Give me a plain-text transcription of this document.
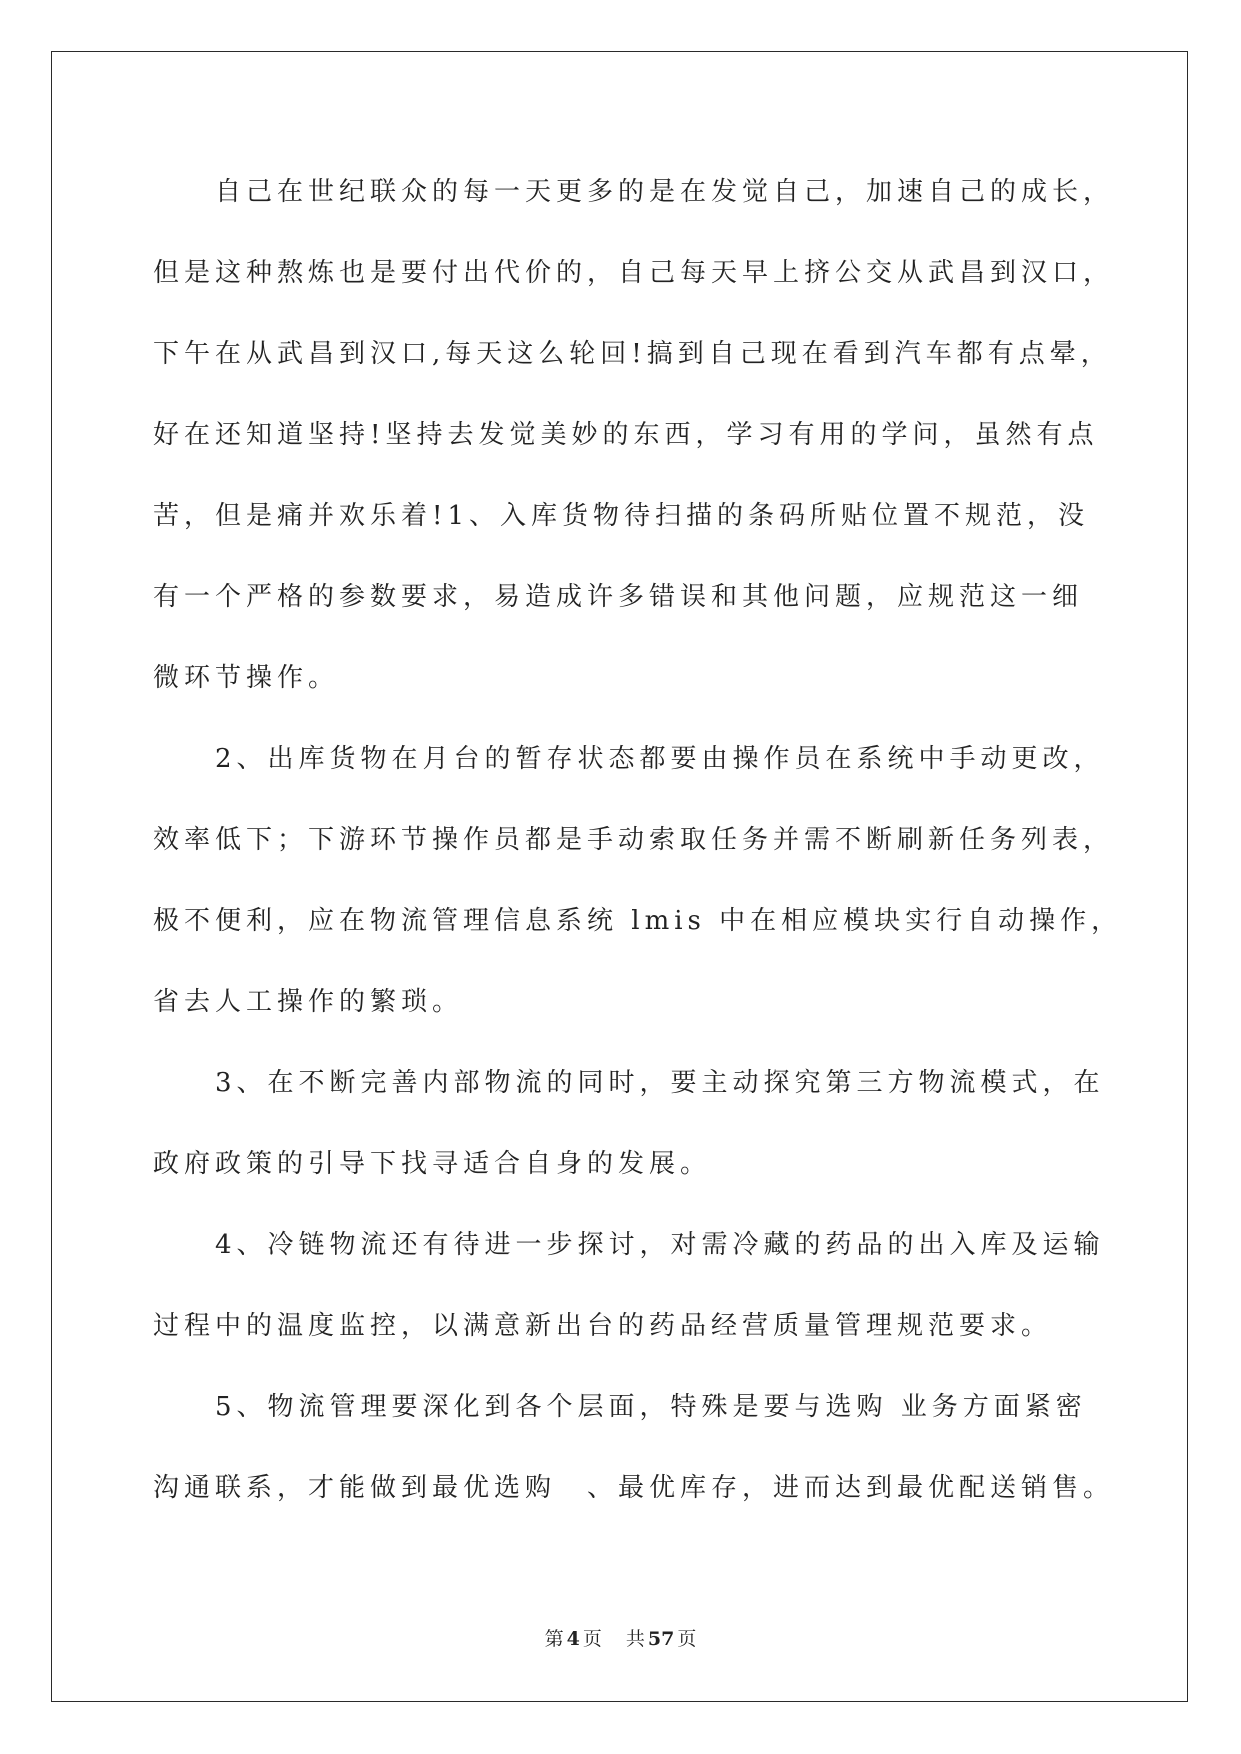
自己在世纪联众的每一天更多的是在发觉自己，加速自己的成长，
但是这种熬炼也是要付出代价的，自己每天早上挤公交从武昌到汉口，
下午在从武昌到汉口,每天这么轮回!搞到自己现在看到汽车都有点晕，
好在还知道坚持!坚持去发觉美妙的东西，学习有用的学问，虽然有点
苦，但是痛并欢乐着!1、入库货物待扫描的条码所贴位置不规范，没
有一个严格的参数要求，易造成许多错误和其他问题，应规范这一细
微环节操作。
2、出库货物在月台的暂存状态都要由操作员在系统中手动更改，
效率低下；下游环节操作员都是手动索取任务并需不断刷新任务列表，
极不便利，应在物流管理信息系统 lmis 中在相应模块实行自动操作，
省去人工操作的繁琐。
3、在不断完善内部物流的同时，要主动探究第三方物流模式，在
政府政策的引导下找寻适合自身的发展。
4、冷链物流还有待进一步探讨，对需冷藏的药品的出入库及运输
过程中的温度监控，以满意新出台的药品经营质量管理规范要求。
5、物流管理要深化到各个层面，特殊是要与选购 业务方面紧密
沟通联系，才能做到最优选购　、最优库存，进而达到最优配送销售。
第 4 页 共 57 页
